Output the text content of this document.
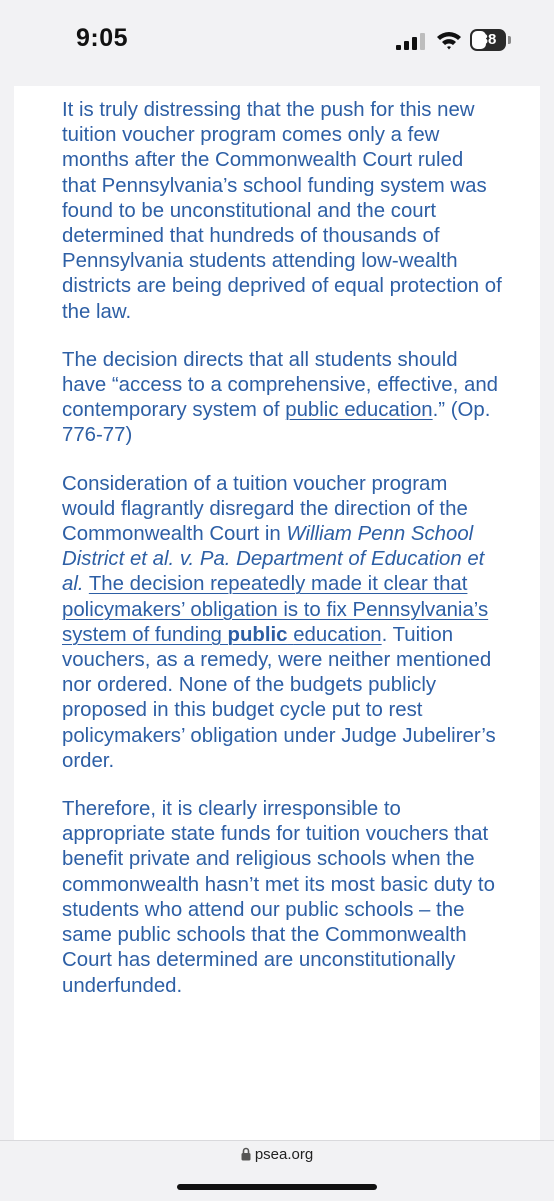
9:05	38

It is truly distressing that the push for this new tuition voucher program comes only a few months after the Commonwealth Court ruled that Pennsylvania’s school funding system was found to be unconstitutional and the court determined that hundreds of thousands of Pennsylvania students attending low-wealth districts are being deprived of equal protection of the law.

The decision directs that all students should have “access to a comprehensive, effective, and contemporary system of public education.” (Op. 776-77)

Consideration of a tuition voucher program would flagrantly disregard the direction of the Commonwealth Court in William Penn School District et al. v. Pa. Department of Education et al. The decision repeatedly made it clear that policymakers’ obligation is to fix Pennsylvania’s system of funding public education. Tuition vouchers, as a remedy, were neither mentioned nor ordered. None of the budgets publicly proposed in this budget cycle put to rest policymakers’ obligation under Judge Jubelirer’s order.

Therefore, it is clearly irresponsible to appropriate state funds for tuition vouchers that benefit private and religious schools when the commonwealth hasn’t met its most basic duty to students who attend our public schools – the same public schools that the Commonwealth Court has determined are unconstitutionally underfunded.

psea.org
